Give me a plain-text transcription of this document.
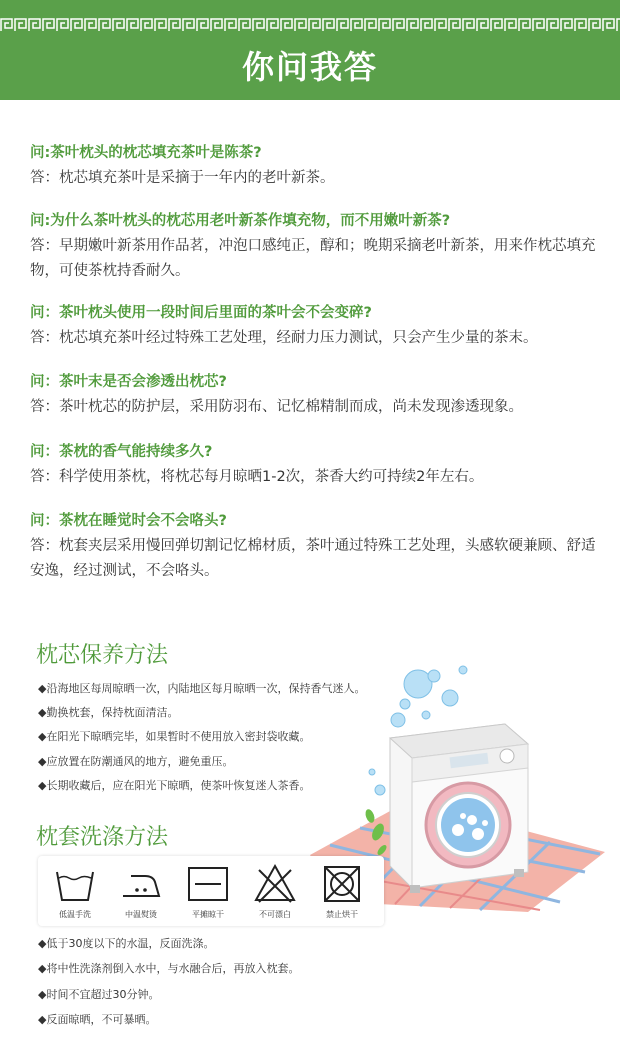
你问我答
问:茶叶枕头的枕芯填充茶叶是陈茶?
答：枕芯填充茶叶是采摘于一年内的老叶新茶。
问:为什么茶叶枕头的枕芯用老叶新茶作填充物，而不用嫩叶新茶?
答：早期嫩叶新茶用作品茗，冲泡口感纯正，醇和；晚期采摘老叶新茶，用来作枕芯填充物，可使茶枕持香耐久。
问：茶叶枕头使用一段时间后里面的茶叶会不会变碎?
答：枕芯填充茶叶经过特殊工艺处理，经耐力压力测试，只会产生少量的茶末。
问：茶叶末是否会渗透出枕芯?
答：茶叶枕芯的防护层，采用防羽布、记忆棉精制而成，尚未发现渗透现象。
问：茶枕的香气能持续多久?
答：科学使用茶枕，将枕芯每月晾晒1-2次，茶香大约可持续2年左右。
问：茶枕在睡觉时会不会咯头?
答：枕套夹层采用慢回弹切割记忆棉材质，茶叶通过特殊工艺处理，头感软硬兼顾、舒适安逸，经过测试，不会咯头。
枕芯保养方法
◆沿海地区每周晾晒一次，内陆地区每月晾晒一次，保持香气迷人。
◆勤换枕套，保持枕面清洁。
◆在阳光下晾晒完毕，如果暂时不使用放入密封袋收藏。
◆应放置在防潮通风的地方，避免重压。
◆长期收藏后，应在阳光下晾晒，使茶叶恢复迷人茶香。
枕套洗涤方法
低温手洗	中温熨烫	平摊晾干	不可漂白	禁止烘干
◆低于30度以下的水温，反面洗涤。
◆将中性洗涤剂倒入水中，与水融合后，再放入枕套。
◆时间不宜超过30分钟。
◆反面晾晒，不可暴晒。
